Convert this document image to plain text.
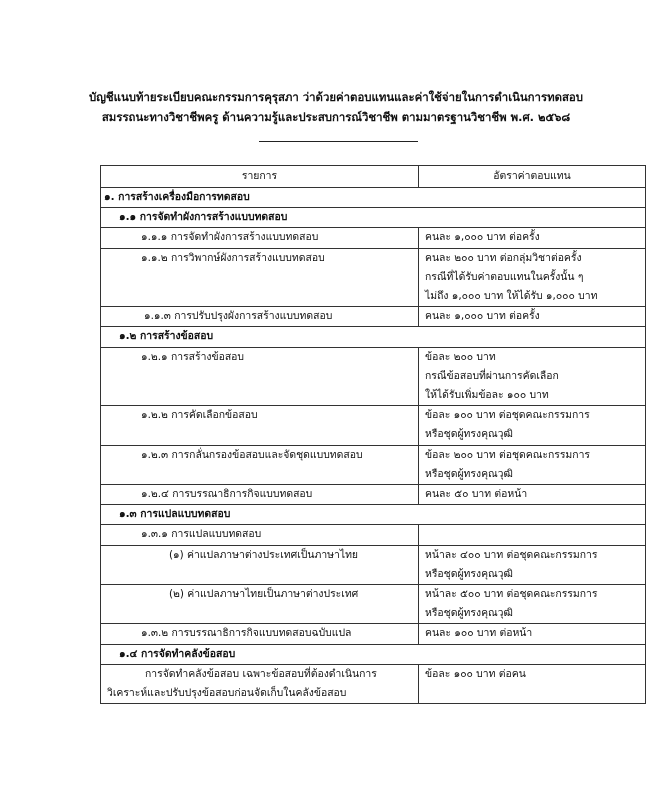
บัญชีแนบท้ายระเบียบคณะกรรมการคุรุสภา ว่าด้วยค่าตอบแทนและค่าใช้จ่ายในการดำเนินการทดสอบ
สมรรถนะทางวิชาชีพครู ด้านความรู้และประสบการณ์วิชาชีพ ตามมาตรฐานวิชาชีพ พ.ศ. ๒๕๖๘
รายการ	อัตราค่าตอบแทน
๑. การสร้างเครื่องมือการทดสอบ	
๑.๑ การจัดทำผังการสร้างแบบทดสอบ	
๑.๑.๑ การจัดทำผังการสร้างแบบทดสอบ	คนละ ๑,๐๐๐ บาท ต่อครั้ง
๑.๑.๒ การวิพากษ์ผังการสร้างแบบทดสอบ	คนละ ๒๐๐ บาท ต่อกลุ่มวิชาต่อครั้ง
กรณีที่ได้รับค่าตอบแทนในครั้งนั้น ๆ
ไม่ถึง ๑,๐๐๐ บาท ให้ได้รับ ๑,๐๐๐ บาท

๑.๑.๓ การปรับปรุงผังการสร้างแบบทดสอบ	คนละ ๑,๐๐๐ บาท ต่อครั้ง
๑.๒ การสร้างข้อสอบ	
๑.๒.๑ การสร้างข้อสอบ	ข้อละ ๒๐๐ บาท
กรณีข้อสอบที่ผ่านการคัดเลือก
ให้ได้รับเพิ่มข้อละ ๑๐๐ บาท

๑.๒.๒ การคัดเลือกข้อสอบ	ข้อละ ๑๐๐ บาท ต่อชุดคณะกรรมการ
หรือชุดผู้ทรงคุณวุฒิ

๑.๒.๓ การกลั่นกรองข้อสอบและจัดชุดแบบทดสอบ	ข้อละ ๒๐๐ บาท ต่อชุดคณะกรรมการ
หรือชุดผู้ทรงคุณวุฒิ

๑.๒.๔ การบรรณาธิการกิจแบบทดสอบ	คนละ ๕๐ บาท ต่อหน้า
๑.๓ การแปลแบบทดสอบ	
๑.๓.๑ การแปลแบบทดสอบ	
(๑) ค่าแปลภาษาต่างประเทศเป็นภาษาไทย	หน้าละ ๔๐๐ บาท ต่อชุดคณะกรรมการ
หรือชุดผู้ทรงคุณวุฒิ

(๒) ค่าแปลภาษาไทยเป็นภาษาต่างประเทศ	หน้าละ ๕๐๐ บาท ต่อชุดคณะกรรมการ
หรือชุดผู้ทรงคุณวุฒิ

๑.๓.๒ การบรรณาธิการกิจแบบทดสอบฉบับแปล	คนละ ๑๐๐ บาท ต่อหน้า
๑.๔ การจัดทำคลังข้อสอบ	

การจัดทำคลังข้อสอบ เฉพาะข้อสอบที่ต้องดำเนินการ
วิเคราะห์และปรับปรุงข้อสอบก่อนจัดเก็บในคลังข้อสอบ	ข้อละ ๑๐๐ บาท ต่อคน
